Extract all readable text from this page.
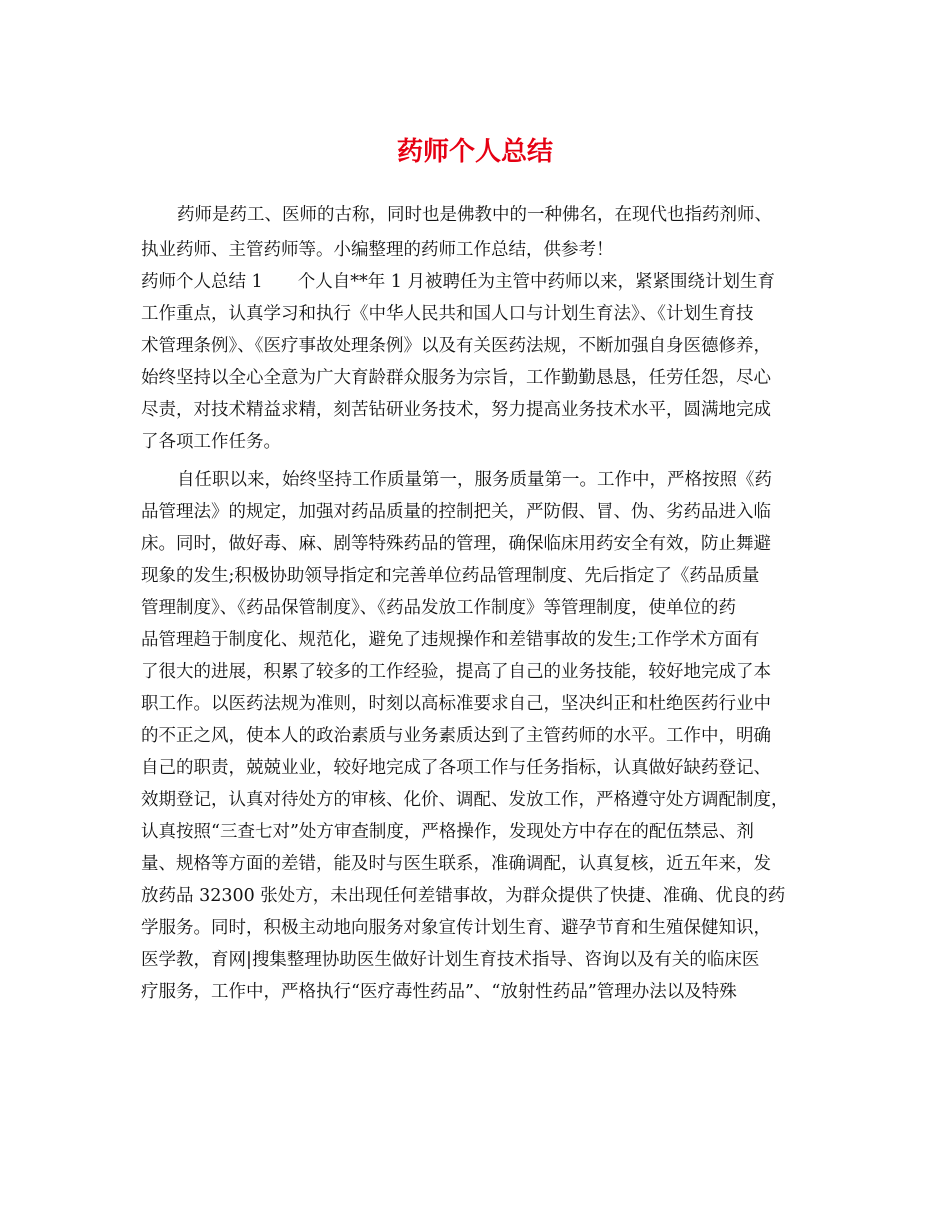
药师个人总结
药师是药工、医师的古称，同时也是佛教中的一种佛名，在现代也指药剂师、
执业药师、主管药师等。小编整理的药师工作总结，供参考！
药师个人总结 1　　个人自**年 1 月被聘任为主管中药师以来，紧紧围绕计划生育
工作重点，认真学习和执行《中华人民共和国人口与计划生育法》、《计划生育技
术管理条例》、《医疗事故处理条例》以及有关医药法规，不断加强自身医德修养，
始终坚持以全心全意为广大育龄群众服务为宗旨，工作勤勤恳恳，任劳任怨，尽心
尽责，对技术精益求精，刻苦钻研业务技术，努力提高业务技术水平，圆满地完成
了各项工作任务。
自任职以来，始终坚持工作质量第一，服务质量第一。工作中，严格按照《药
品管理法》的规定，加强对药品质量的控制把关，严防假、冒、伪、劣药品进入临
床。同时，做好毒、麻、剧等特殊药品的管理，确保临床用药安全有效，防止舞避
现象的发生;积极协助领导指定和完善单位药品管理制度、先后指定了《药品质量
管理制度》、《药品保管制度》、《药品发放工作制度》等管理制度，使单位的药
品管理趋于制度化、规范化，避免了违规操作和差错事故的发生;工作学术方面有
了很大的进展，积累了较多的工作经验，提高了自己的业务技能，较好地完成了本
职工作。以医药法规为准则，时刻以高标准要求自己，坚决纠正和杜绝医药行业中
的不正之风，使本人的政治素质与业务素质达到了主管药师的水平。工作中，明确
自己的职责，兢兢业业，较好地完成了各项工作与任务指标，认真做好缺药登记、
效期登记，认真对待处方的审核、化价、调配、发放工作，严格遵守处方调配制度，
认真按照“三查七对”处方审查制度，严格操作，发现处方中存在的配伍禁忌、剂
量、规格等方面的差错，能及时与医生联系，准确调配，认真复核，近五年来，发
放药品 32300 张处方，未出现任何差错事故，为群众提供了快捷、准确、优良的药
学服务。同时，积极主动地向服务对象宣传计划生育、避孕节育和生殖保健知识，
医学教，育网|搜集整理协助医生做好计划生育技术指导、咨询以及有关的临床医
疗服务，工作中，严格执行“医疗毒性药品”、“放射性药品”管理办法以及特殊
